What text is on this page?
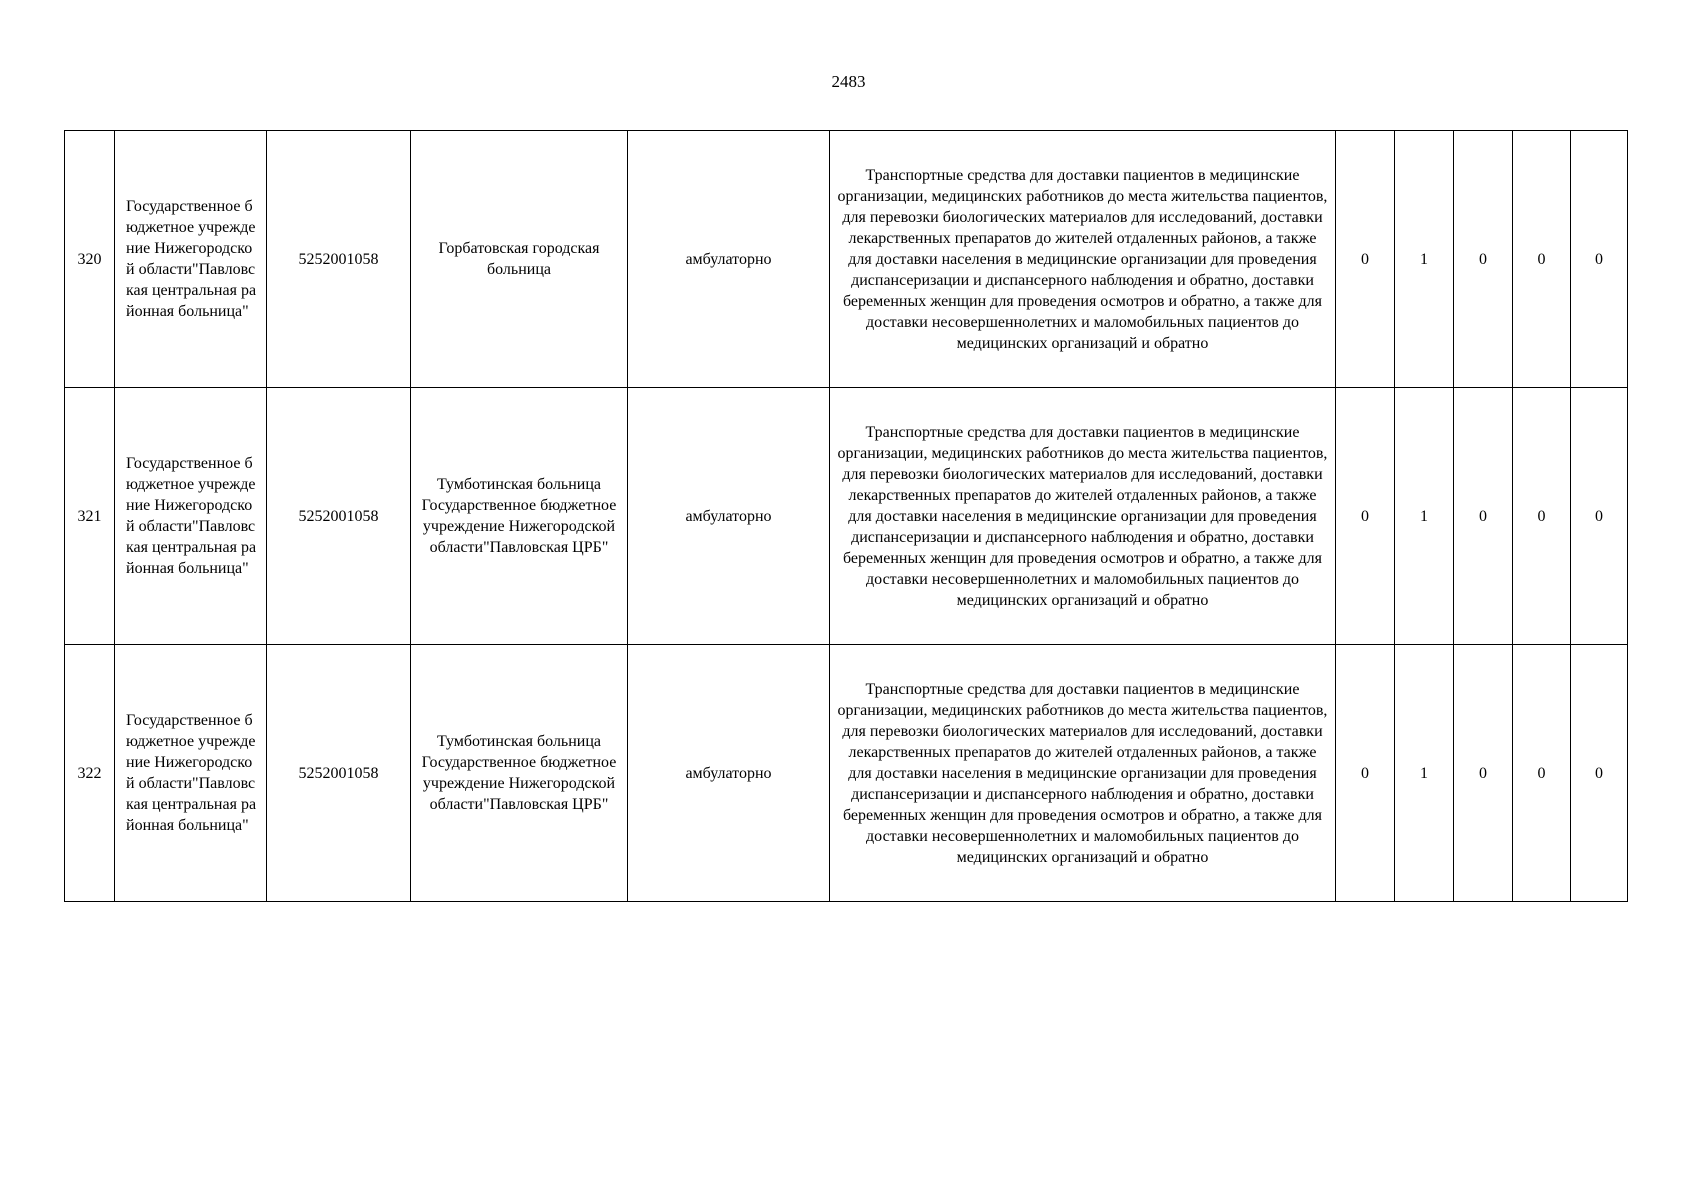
2483
320	Государственное бюджетное учреждение Нижегородской области"Павловская центральная районная больница"	5252001058	Горбатовская городская больница	амбулаторно	Транспортные средства для доставки пациентов в медицинские организации, медицинских работников до места жительства пациентов, для перевозки биологических материалов для исследований, доставки лекарственных препаратов до жителей отдаленных районов, а также для доставки населения в медицинские организации для проведения диспансеризации и диспансерного наблюдения и обратно, доставки беременных женщин для проведения осмотров и обратно, а также для доставки несовершеннолетних и маломобильных пациентов до медицинских организаций и обратно	0	1	0	0	0
321	Государственное бюджетное учреждение Нижегородской области"Павловская центральная районная больница"	5252001058	Тумботинская больница Государственное бюджетное учреждение Нижегородской области"Павловская ЦРБ"	амбулаторно	Транспортные средства для доставки пациентов в медицинские организации, медицинских работников до места жительства пациентов, для перевозки биологических материалов для исследований, доставки лекарственных препаратов до жителей отдаленных районов, а также для доставки населения в медицинские организации для проведения диспансеризации и диспансерного наблюдения и обратно, доставки беременных женщин для проведения осмотров и обратно, а также для доставки несовершеннолетних и маломобильных пациентов до медицинских организаций и обратно	0	1	0	0	0
322	Государственное бюджетное учреждение Нижегородской области"Павловская центральная районная больница"	5252001058	Тумботинская больница Государственное бюджетное учреждение Нижегородской области"Павловская ЦРБ"	амбулаторно	Транспортные средства для доставки пациентов в медицинские организации, медицинских работников до места жительства пациентов, для перевозки биологических материалов для исследований, доставки лекарственных препаратов до жителей отдаленных районов, а также для доставки населения в медицинские организации для проведения диспансеризации и диспансерного наблюдения и обратно, доставки беременных женщин для проведения осмотров и обратно, а также для доставки несовершеннолетних и маломобильных пациентов до медицинских организаций и обратно	0	1	0	0	0
